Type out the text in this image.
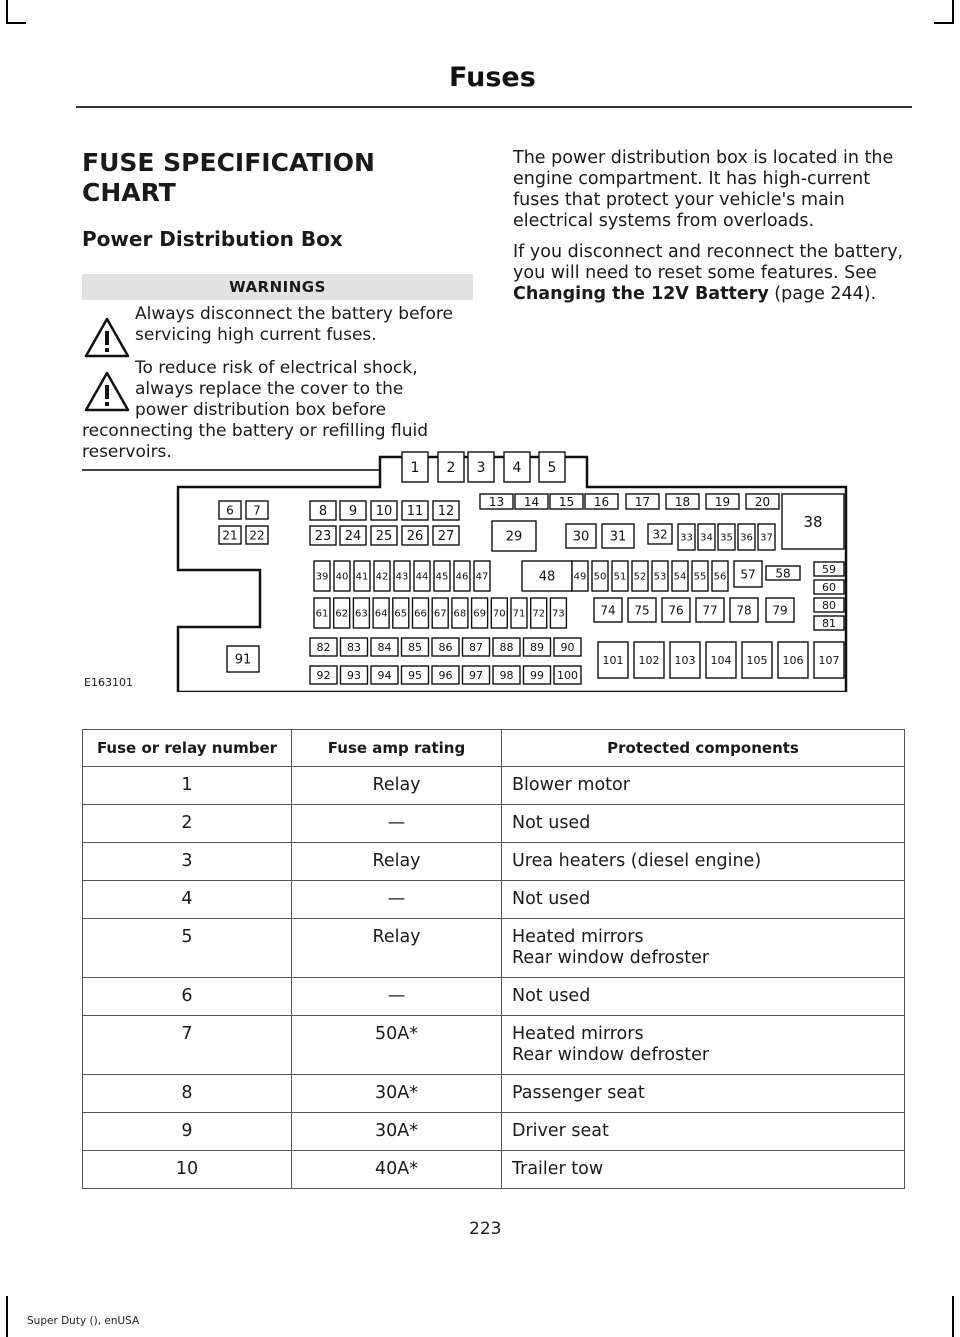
Fuses
FUSE SPECIFICATION CHART
Power Distribution Box
WARNINGS
Always disconnect the battery before
servicing high current fuses.
To reduce risk of electrical shock,
always replace the cover to the
power distribution box before
reconnecting the battery or refilling fluid
reservoirs.

The power distribution box is located in the engine compartment. It has high-current fuses that protect your vehicle's main electrical systems from overloads.

If you disconnect and reconnect the battery, you will need to reset some features. See Changing the 12V Battery (page 244).

1 2 3 4 5
13 14 15 16 17 18 19 20
38
6 7
21 22
8 9 10 11 12
23 24 25 26 27	29	30 31 32 33 34 35 36 37
39 40 41 42 43 44 45 46 47	48 49 50 51 52 53 54 55 56 57 58	59
60
80
81
61 62 63 64 65 66 67 68 69 70 71 72 73	74 75 76 77 78 79
82 83 84 85 86 87 88 89 90
92 93 94 95 96 97 98 99 100
91	101 102 103 104 105 106 107
E163101
Fuse or relay number	Fuse amp rating	Protected components
1	Relay	Blower motor

2	—	Not used

3	Relay	Urea heaters (diesel engine)

4	—	Not used

5	Relay	Heated mirrors
Rear window defroster

6	—	Not used

7	50A*	Heated mirrors
Rear window defroster

8	30A*	Passenger seat

9	30A*	Driver seat

10	40A*	Trailer tow
223
Super Duty (), enUSA
